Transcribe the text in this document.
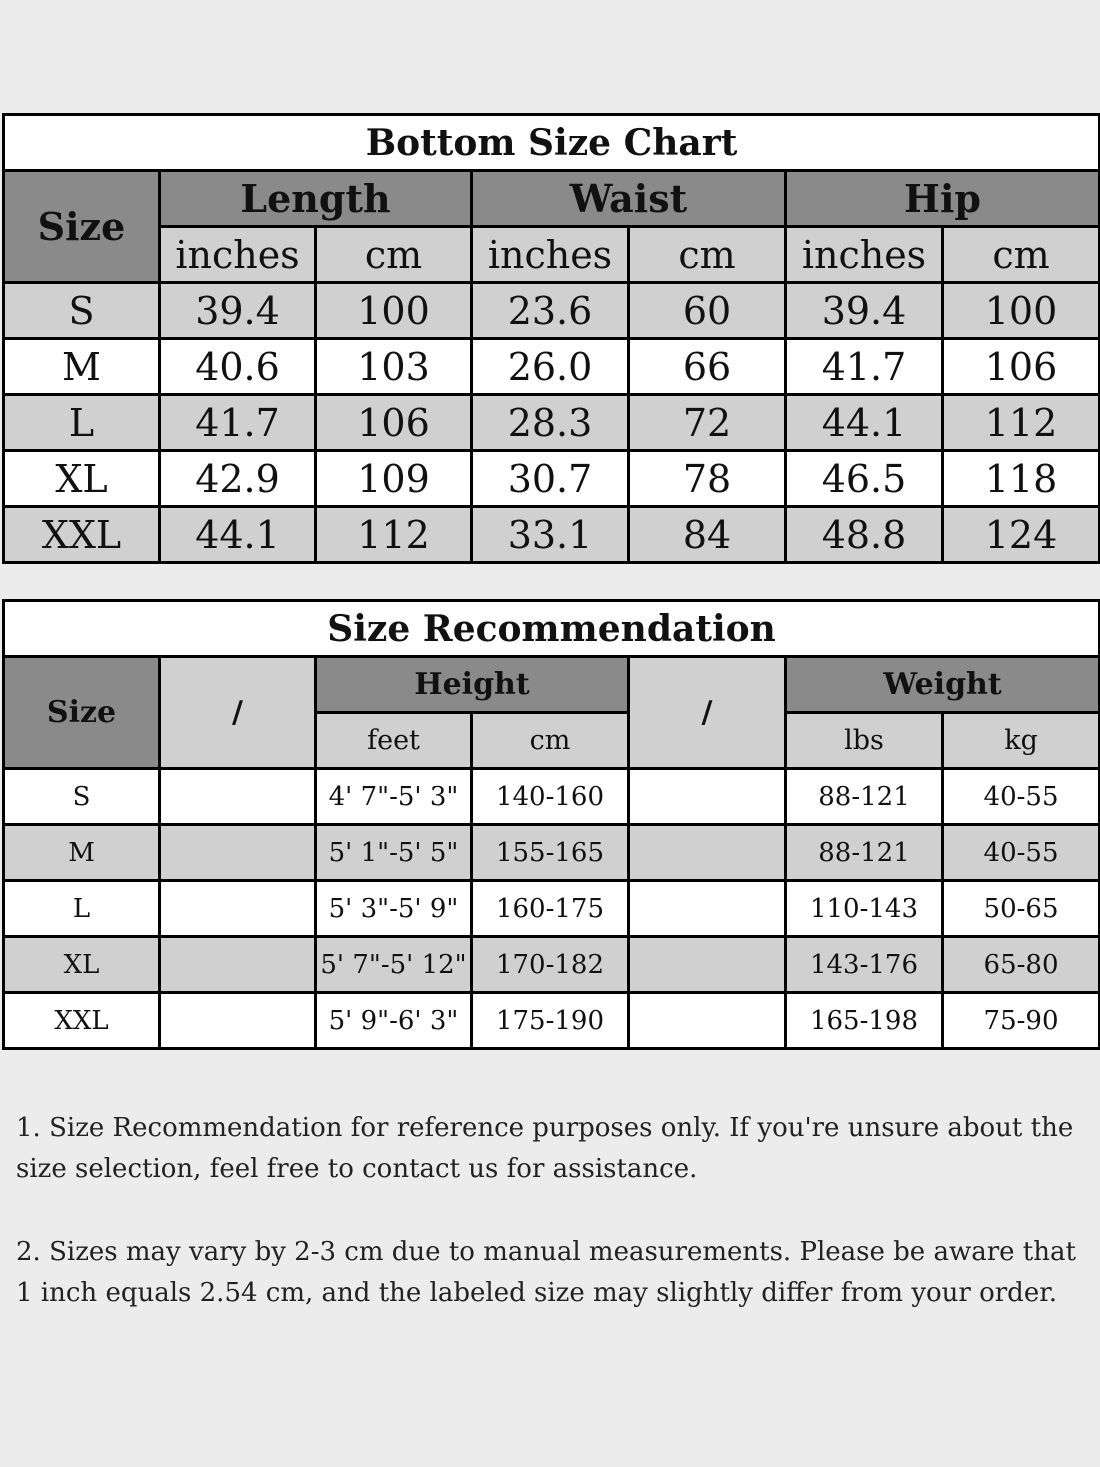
Bottom Size Chart						
Size	Length		Waist		Hip	
	inches	cm	inches	cm	inches	cm
S	39.4	100	23.6	60	39.4	100
M	40.6	103	26.0	66	41.7	106
L	41.7	106	28.3	72	44.1	112
XL	42.9	109	30.7	78	46.5	118
XXL	44.1	112	33.1	84	48.8	124
Size Recommendation						
Size	/	Height		/	Weight	
		feet	cm		lbs	kg
S		4' 7"-5' 3"	140-160		88-121	40-55
M		5' 1"-5' 5"	155-165		88-121	40-55
L		5' 3"-5' 9"	160-175		110-143	50-65
XL		5' 7"-5' 12"	170-182		143-176	65-80
XXL		5' 9"-6' 3"	175-190		165-198	75-90

1. Size Recommendation for reference purposes only. If you're unsure about the size selection, feel free to contact us for assistance.

2. Sizes may vary by 2-3 cm due to manual measurements. Please be aware that 1 inch equals 2.54 cm, and the labeled size may slightly differ from your order.
